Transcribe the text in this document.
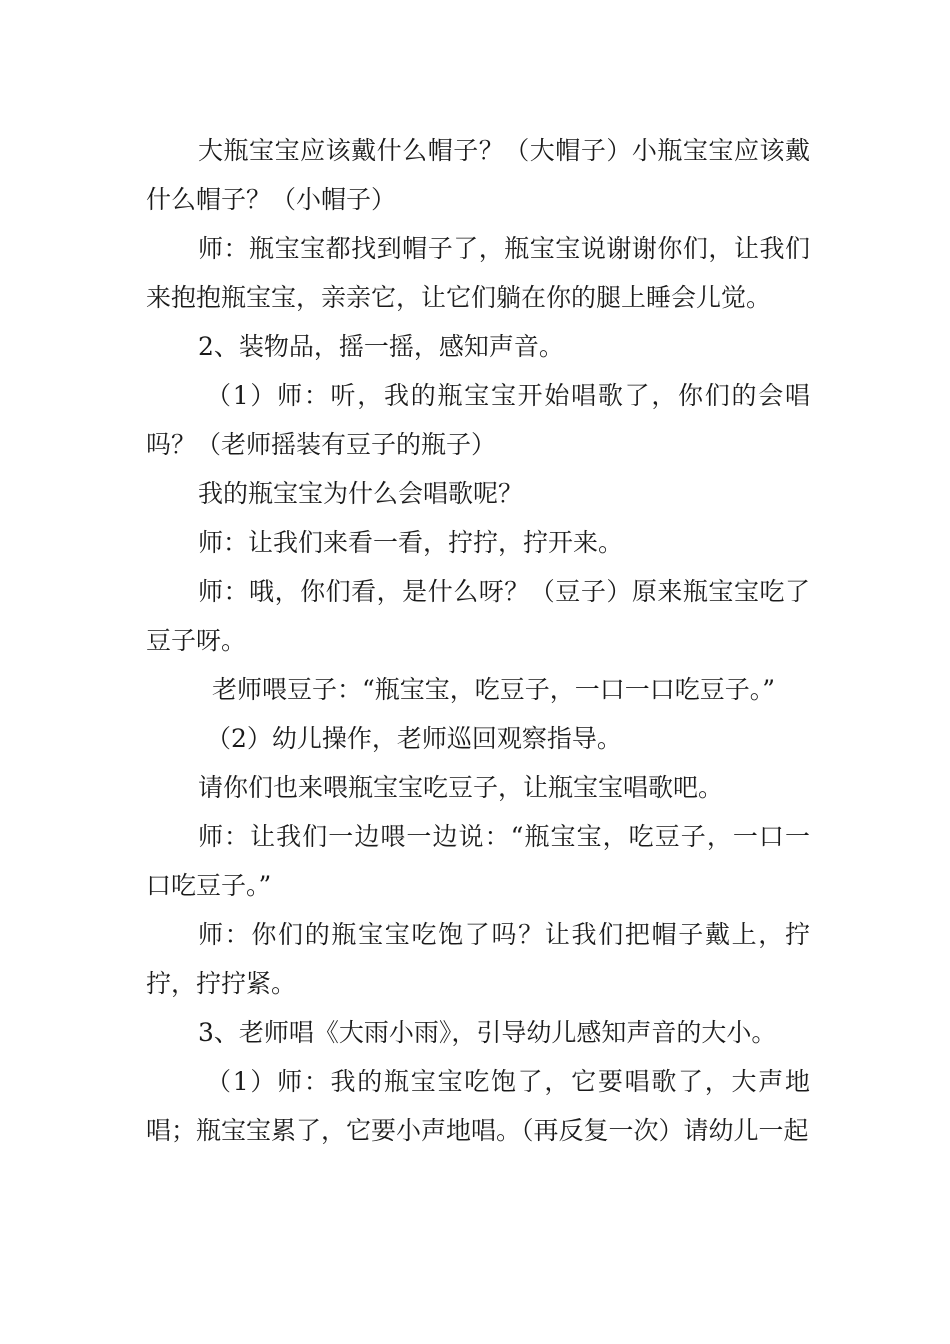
大瓶宝宝应该戴什么帽子？（大帽子）小瓶宝宝应该戴什么帽子？（小帽子）

师：瓶宝宝都找到帽子了，瓶宝宝说谢谢你们，让我们来抱抱瓶宝宝，亲亲它，让它们躺在你的腿上睡会儿觉。

2、装物品，摇一摇，感知声音。

（1）师：听，我的瓶宝宝开始唱歌了，你们的会唱吗？（老师摇装有豆子的瓶子）

我的瓶宝宝为什么会唱歌呢？

师：让我们来看一看，拧拧，拧开来。

师：哦，你们看，是什么呀？（豆子）原来瓶宝宝吃了豆子呀。

老师喂豆子：“瓶宝宝，吃豆子，一口一口吃豆子。”

（2）幼儿操作，老师巡回观察指导。

请你们也来喂瓶宝宝吃豆子，让瓶宝宝唱歌吧。

师：让我们一边喂一边说：“瓶宝宝，吃豆子，一口一口吃豆子。”

师：你们的瓶宝宝吃饱了吗？让我们把帽子戴上，拧拧，拧拧紧。

3、老师唱《大雨小雨》，引导幼儿感知声音的大小。

（1）师：我的瓶宝宝吃饱了，它要唱歌了，大声地唱；瓶宝宝累了，它要小声地唱。（再反复一次）请幼儿一起
